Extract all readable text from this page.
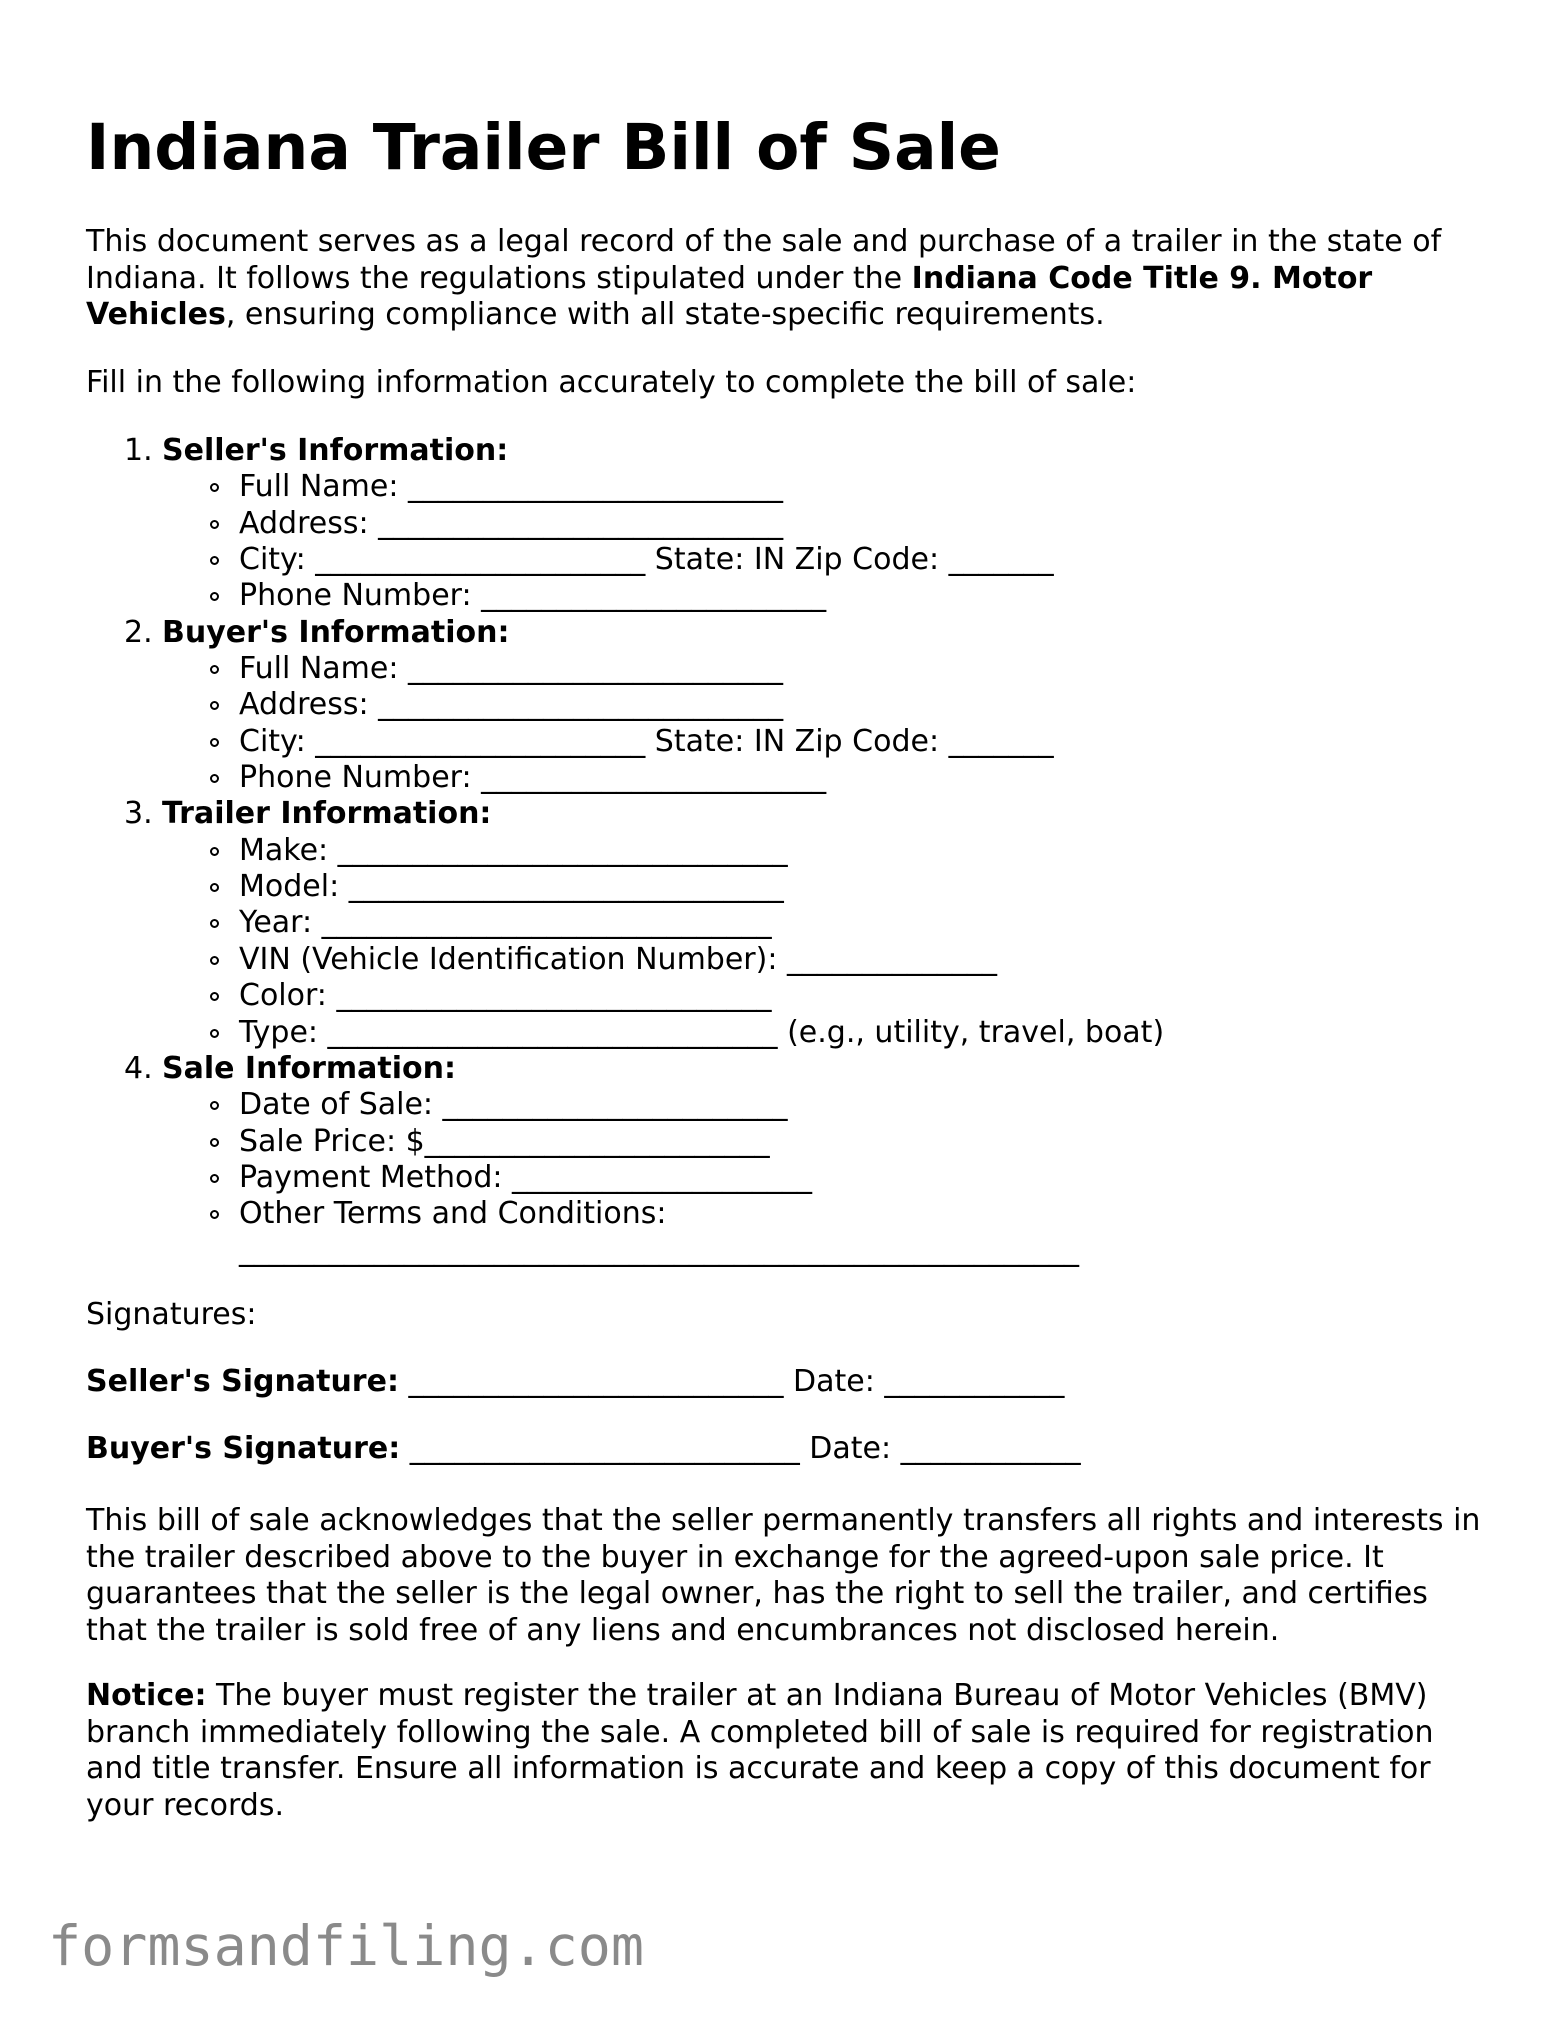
Indiana Trailer Bill of Sale

This document serves as a legal record of the sale and purchase of a trailer in the state of Indiana. It follows the regulations stipulated under the Indiana Code Title 9. Motor Vehicles, ensuring compliance with all state-specific requirements.

Fill in the following information accurately to complete the bill of sale:

1. Seller's Information:
Full Name: _________________________
Address: ___________________________
City: ______________________ State: IN Zip Code: _______
Phone Number: _______________________
2. Buyer's Information:
Full Name: _________________________
Address: ___________________________
City: ______________________ State: IN Zip Code: _______
Phone Number: _______________________
3. Trailer Information:
Make: ______________________________
Model: _____________________________
Year: ______________________________
VIN (Vehicle Identification Number): ______________
Color: _____________________________
Type: ______________________________ (e.g., utility, travel, boat)
4. Sale Information:
Date of Sale: _______________________
Sale Price: $_______________________
Payment Method: ____________________
Other Terms and Conditions:
________________________________________________________
Signatures:
Seller's Signature: _________________________ Date: ____________
Buyer's Signature: __________________________ Date: ____________

This bill of sale acknowledges that the seller permanently transfers all rights and interests in the trailer described above to the buyer in exchange for the agreed-upon sale price. It guarantees that the seller is the legal owner, has the right to sell the trailer, and certifies that the trailer is sold free of any liens and encumbrances not disclosed herein.

Notice: The buyer must register the trailer at an Indiana Bureau of Motor Vehicles (BMV) branch immediately following the sale. A completed bill of sale is required for registration and title transfer. Ensure all information is accurate and keep a copy of this document for your records.

formsandfiling.com
